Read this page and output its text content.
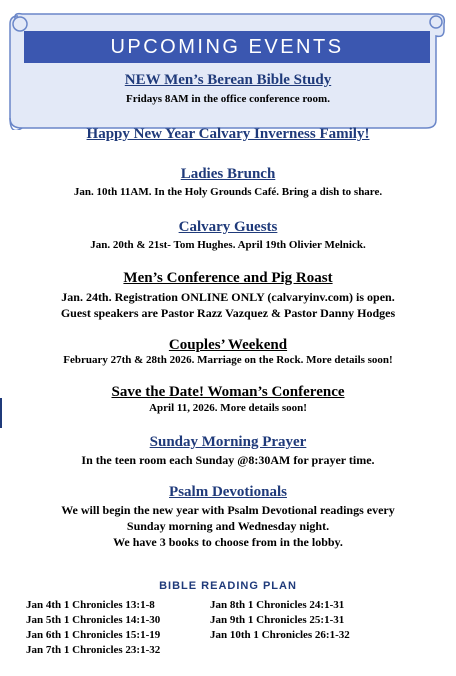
UPCOMING EVENTS
NEW Men’s Berean Bible Study
Fridays 8AM in the office conference room.
Happy New Year Calvary Inverness Family!
Ladies Brunch
Jan. 10th 11AM. In the Holy Grounds Café. Bring a dish to share.
Calvary Guests
Jan. 20th & 21st- Tom Hughes. April 19th Olivier Melnick.
Men’s Conference and Pig Roast
Jan. 24th. Registration ONLINE ONLY (calvaryinv.com) is open.
Guest speakers are Pastor Razz Vazquez & Pastor Danny Hodges
Couples’ Weekend
February 27th & 28th 2026. Marriage on the Rock. More details soon!
Save the Date! Woman’s Conference
April 11, 2026. More details soon!
Sunday Morning Prayer
In the teen room each Sunday @8:30AM for prayer time.
Psalm Devotionals
We will begin the new year with Psalm Devotional readings every
Sunday morning and Wednesday night.
We have 3 books to choose from in the lobby.
BIBLE READING PLAN
Jan 4th 1 Chronicles 13:1-8
Jan 5th 1 Chronicles 14:1-30
Jan 6th 1 Chronicles 15:1-19
Jan 7th 1 Chronicles 23:1-32
Jan 8th 1 Chronicles 24:1-31
Jan 9th 1 Chronicles 25:1-31
Jan 10th 1 Chronicles 26:1-32
